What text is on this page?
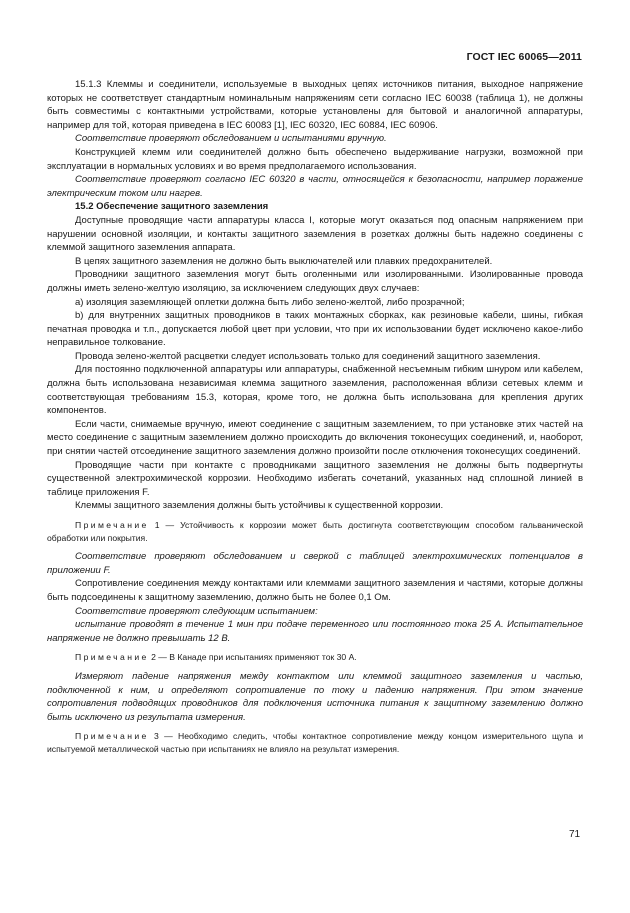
ГОСТ IEC 60065—2011

15.1.3 Клеммы и соединители, используемые в выходных цепях источников питания, выходное напряжение которых не соответствует стандартным номинальным напряжениям сети согласно IEC 60038 (таблица 1), не должны быть совместимы с контактными устройствами, которые установлены для бытовой и аналогичной аппаратуры, например для той, которая приведена в IEC 60083 [1], IEC 60320, IEC 60884, IEC 60906.

Соответствие проверяют обследованием и испытаниями вручную.

Конструкцией клемм или соединителей должно быть обеспечено выдерживание нагрузки, возможной при эксплуатации в нормальных условиях и во время предполагаемого использования.

Соответствие проверяют согласно IEC 60320 в части, относящейся к безопасности, например поражение электрическим током или нагрев.

15.2 Обеспечение защитного заземления

Доступные проводящие части аппаратуры класса I, которые могут оказаться под опасным напряжением при нарушении основной изоляции, и контакты защитного заземления в розетках должны быть надежно соединены с клеммой защитного заземления аппарата.

В цепях защитного заземления не должно быть выключателей или плавких предохранителей.

Проводники защитного заземления могут быть оголенными или изолированными. Изолированные провода должны иметь зелено-желтую изоляцию, за исключением следующих двух случаев:

а) изоляция заземляющей оплетки должна быть либо зелено-желтой, либо прозрачной;

b) для внутренних защитных проводников в таких монтажных сборках, как резиновые кабели, шины, гибкая печатная проводка и т.п., допускается любой цвет при условии, что при их использовании будет исключено какое-либо неправильное толкование.

Провода зелено-желтой расцветки следует использовать только для соединений защитного заземления.

Для постоянно подключенной аппаратуры или аппаратуры, снабженной несъемным гибким шнуром или кабелем, должна быть использована независимая клемма защитного заземления, расположенная вблизи сетевых клемм и соответствующая требованиям 15.3, которая, кроме того, не должна быть использована для крепления других компонентов.

Если части, снимаемые вручную, имеют соединение с защитным заземлением, то при установке этих частей на место соединение с защитным заземлением должно происходить до включения токонесущих соединений, и, наоборот, при снятии частей отсоединение защитного заземления должно произойти после отключения токонесущих соединений.

Проводящие части при контакте с проводниками защитного заземления не должны быть подвергнуты существенной электрохимической коррозии. Необходимо избегать сочетаний, указанных над сплошной линией в таблице приложения F.

Клеммы защитного заземления должны быть устойчивы к существенной коррозии.

Примечание 1 — Устойчивость к коррозии может быть достигнута соответствующим способом гальванической обработки или покрытия.

Соответствие проверяют обследованием и сверкой с таблицей электрохимических потенциалов в приложении F.

Сопротивление соединения между контактами или клеммами защитного заземления и частями, которые должны быть подсоединены к защитному заземлению, должно быть не более 0,1 Ом.

Соответствие проверяют следующим испытанием:

испытание проводят в течение 1 мин при подаче переменного или постоянного тока 25 А. Испытательное напряжение не должно превышать 12 В.

Примечание 2 — В Канаде при испытаниях применяют ток 30 А.

Измеряют падение напряжения между контактом или клеммой защитного заземления и частью, подключенной к ним, и определяют сопротивление по току и падению напряжения. При этом значение сопротивления подводящих проводников для подключения источника питания к защитному заземлению должно быть исключено из результата измерения.

Примечание 3 — Необходимо следить, чтобы контактное сопротивление между концом измерительного щупа и испытуемой металлической частью при испытаниях не влияло на результат измерения.

71
